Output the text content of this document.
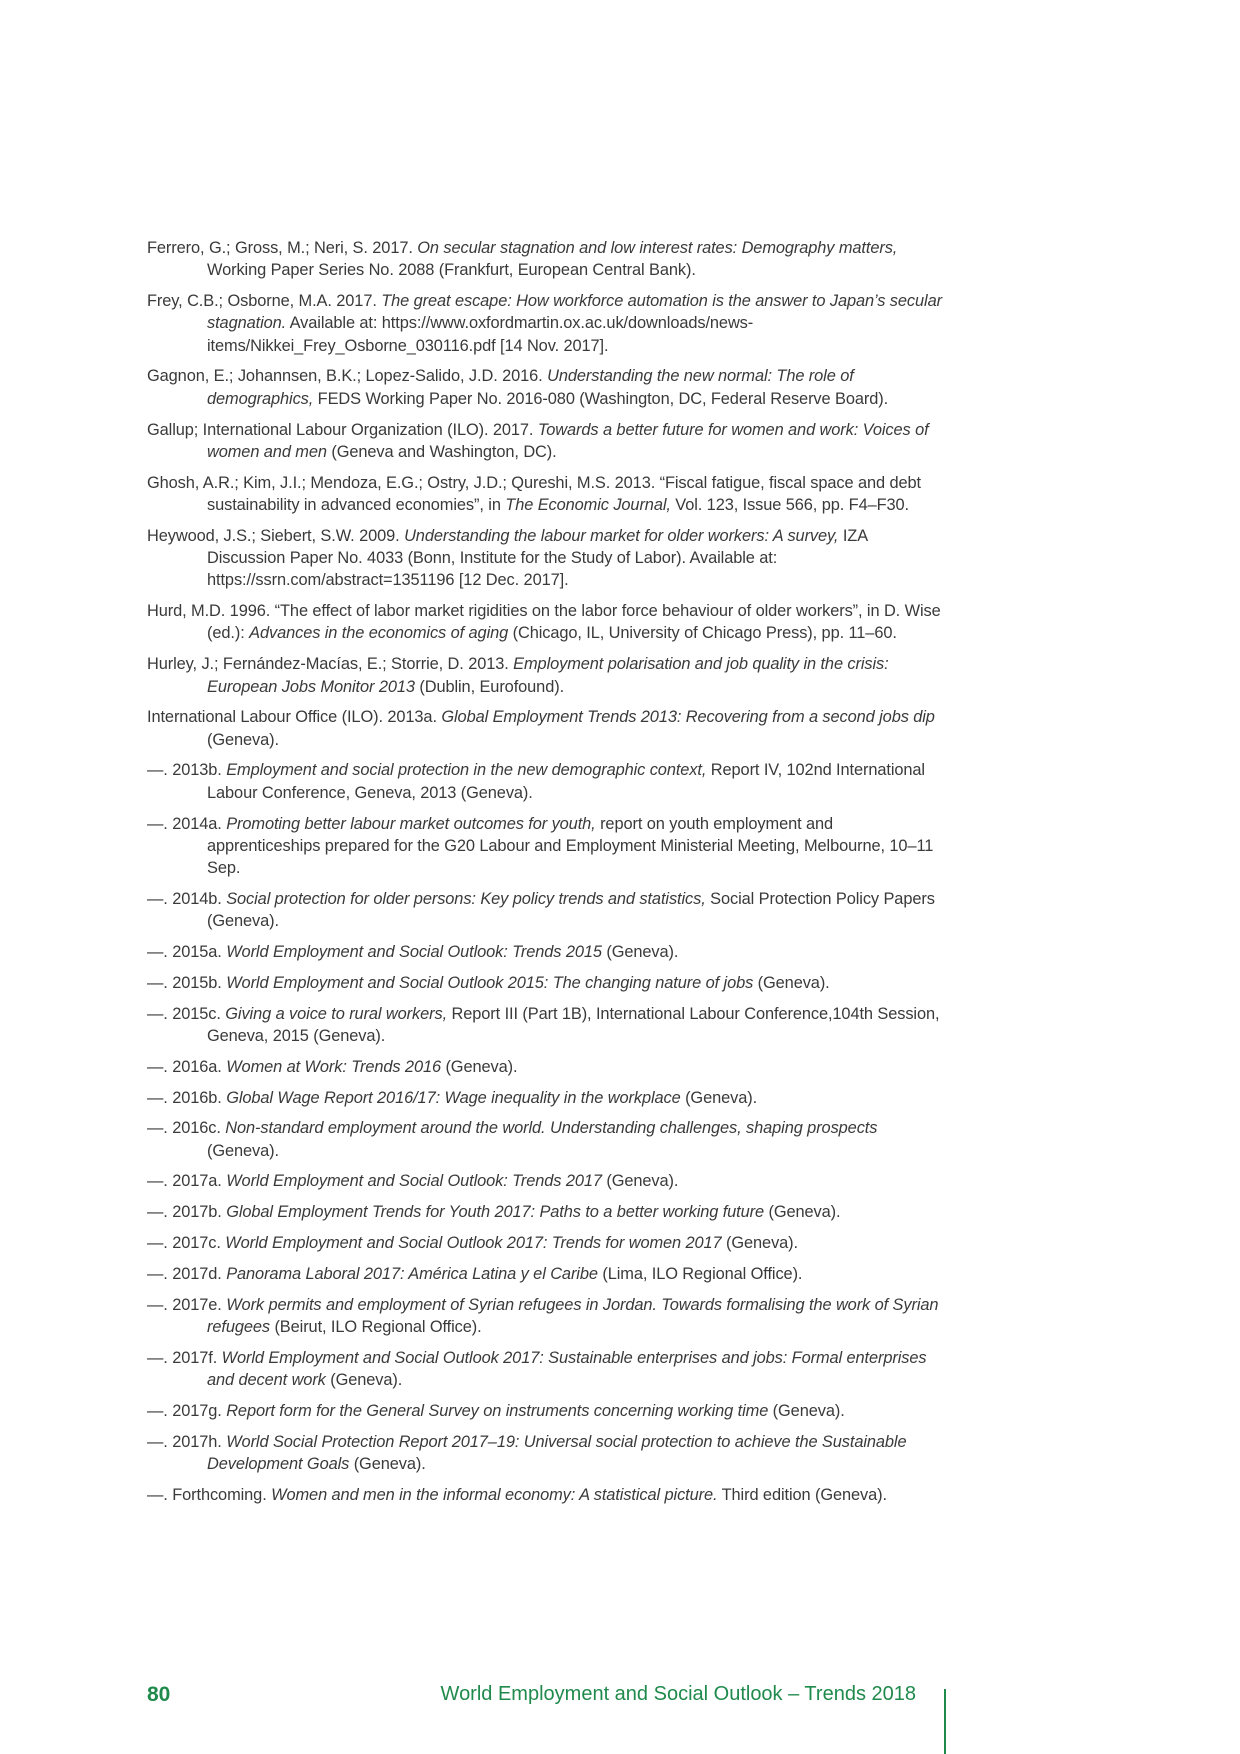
Ferrero, G.; Gross, M.; Neri, S. 2017. On secular stagnation and low interest rates: Demography matters, Working Paper Series No. 2088 (Frankfurt, European Central Bank).

Frey, C.B.; Osborne, M.A. 2017. The great escape: How workforce automation is the answer to Japan’s secular stagnation. Available at: https://www.oxfordmartin.ox.ac.uk/downloads/news-items/Nikkei_Frey_Osborne_030116.pdf [14 Nov. 2017].

Gagnon, E.; Johannsen, B.K.; Lopez-Salido, J.D. 2016. Understanding the new normal: The role of demographics, FEDS Working Paper No. 2016-080 (Washington, DC, Federal Reserve Board).

Gallup; International Labour Organization (ILO). 2017. Towards a better future for women and work: Voices of women and men (Geneva and Washington, DC).

Ghosh, A.R.; Kim, J.I.; Mendoza, E.G.; Ostry, J.D.; Qureshi, M.S. 2013. “Fiscal fatigue, fiscal space and debt sustainability in advanced economies”, in The Economic Journal, Vol. 123, Issue 566, pp. F4–F30.

Heywood, J.S.; Siebert, S.W. 2009. Understanding the labour market for older workers: A survey, IZA Discussion Paper No. 4033 (Bonn, Institute for the Study of Labor). Available at: https://ssrn.com/abstract=1351196 [12 Dec. 2017].

Hurd, M.D. 1996. “The effect of labor market rigidities on the labor force behaviour of older workers”, in D. Wise (ed.): Advances in the economics of aging (Chicago, IL, University of Chicago Press), pp. 11–60.

Hurley, J.; Fernández-Macías, E.; Storrie, D. 2013. Employment polarisation and job quality in the crisis: European Jobs Monitor 2013 (Dublin, Eurofound).

International Labour Office (ILO). 2013a. Global Employment Trends 2013: Recovering from a second jobs dip (Geneva).

—. 2013b. Employment and social protection in the new demographic context, Report IV, 102nd International Labour Conference, Geneva, 2013 (Geneva).

—. 2014a. Promoting better labour market outcomes for youth, report on youth employment and apprenticeships prepared for the G20 Labour and Employment Ministerial Meeting, Melbourne, 10–11 Sep.

—. 2014b. Social protection for older persons: Key policy trends and statistics, Social Protection Policy Papers (Geneva).

—. 2015a. World Employment and Social Outlook: Trends 2015 (Geneva).

—. 2015b. World Employment and Social Outlook 2015: The changing nature of jobs (Geneva).

—. 2015c. Giving a voice to rural workers, Report III (Part 1B), International Labour Conference,104th Session, Geneva, 2015 (Geneva).

—. 2016a. Women at Work: Trends 2016 (Geneva).

—. 2016b. Global Wage Report 2016/17: Wage inequality in the workplace (Geneva).

—. 2016c. Non-standard employment around the world. Understanding challenges, shaping prospects (Geneva).

—. 2017a. World Employment and Social Outlook: Trends 2017 (Geneva).

—. 2017b. Global Employment Trends for Youth 2017: Paths to a better working future (Geneva).

—. 2017c. World Employment and Social Outlook 2017: Trends for women 2017 (Geneva).

—. 2017d. Panorama Laboral 2017: América Latina y el Caribe (Lima, ILO Regional Office).

—. 2017e. Work permits and employment of Syrian refugees in Jordan. Towards formalising the work of Syrian refugees (Beirut, ILO Regional Office).

—. 2017f. World Employment and Social Outlook 2017: Sustainable enterprises and jobs: Formal enterprises and decent work (Geneva).

—. 2017g. Report form for the General Survey on instruments concerning working time (Geneva).

—. 2017h. World Social Protection Report 2017–19: Universal social protection to achieve the Sustainable Development Goals (Geneva).

—. Forthcoming. Women and men in the informal economy: A statistical picture. Third edition (Geneva).

80	World Employment and Social Outlook – Trends 2018
